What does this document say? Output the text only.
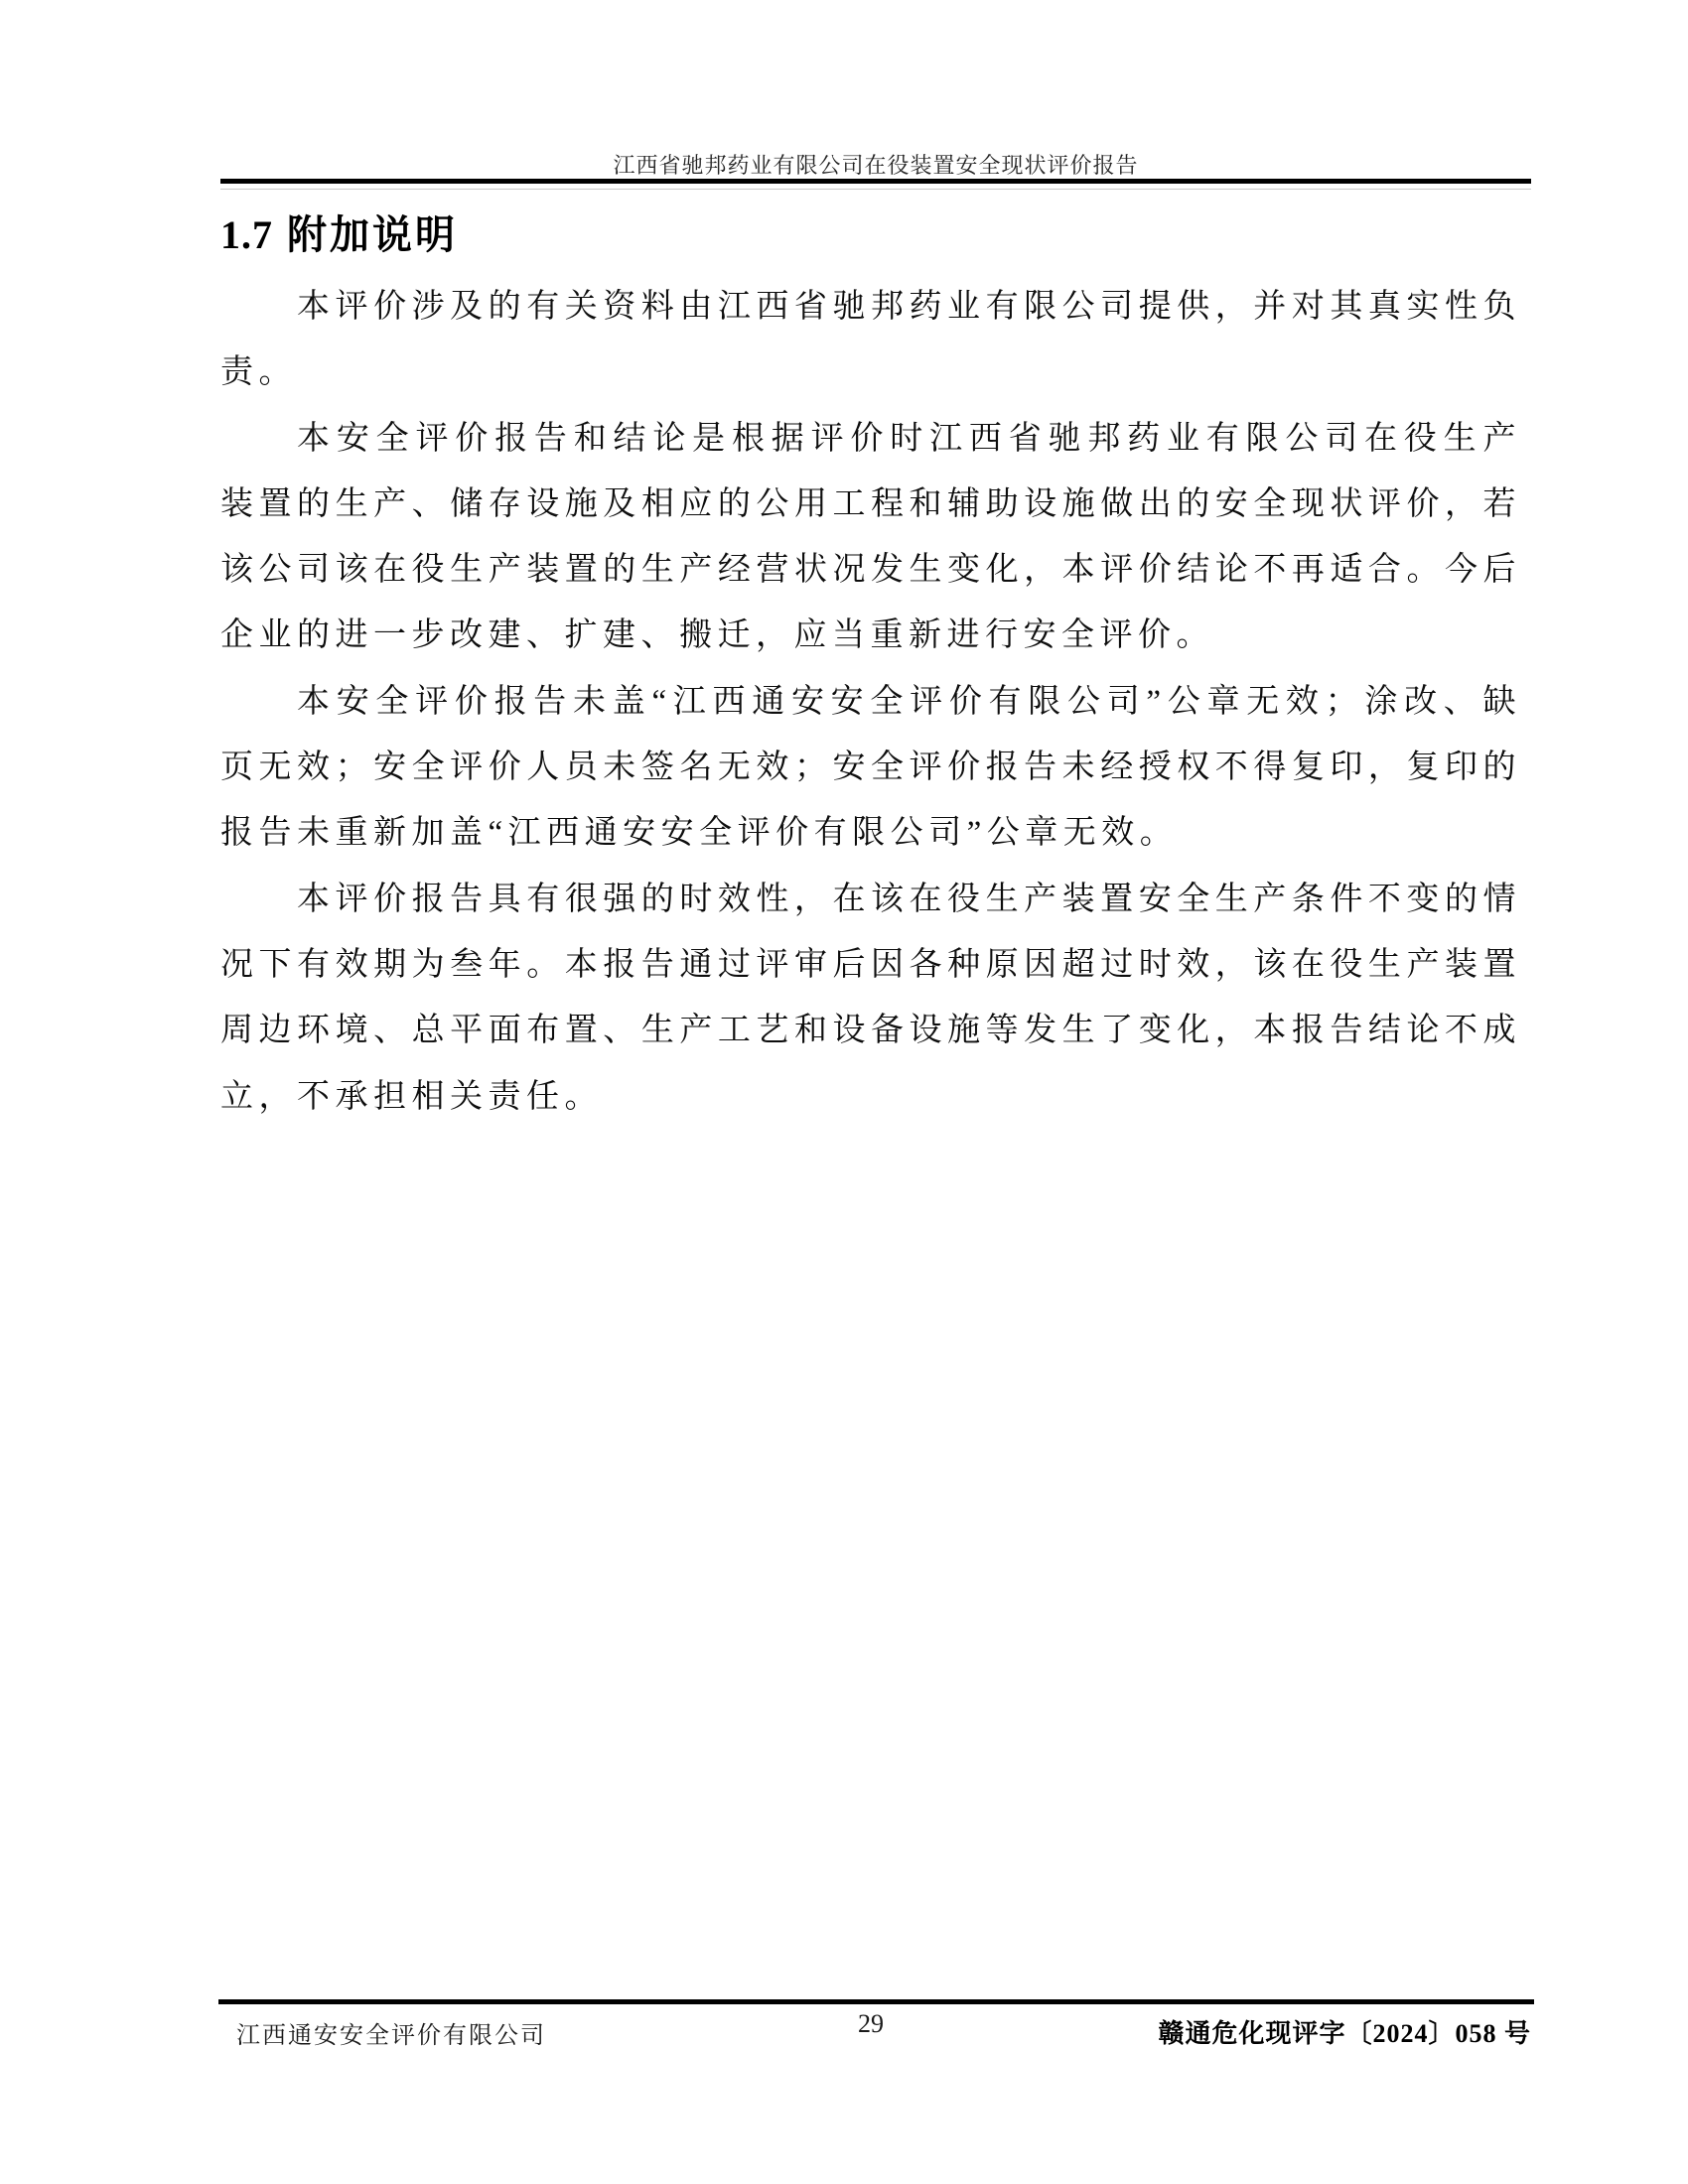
江西省驰邦药业有限公司在役装置安全现状评价报告
1.7 附加说明
本评价涉及的有关资料由江西省驰邦药业有限公司提供，并对其真实性负
责。
本安全评价报告和结论是根据评价时江西省驰邦药业有限公司在役生产
装置的生产、储存设施及相应的公用工程和辅助设施做出的安全现状评价，若
该公司该在役生产装置的生产经营状况发生变化，本评价结论不再适合。今后
企业的进一步改建、扩建、搬迁，应当重新进行安全评价。
本安全评价报告未盖“江西通安安全评价有限公司”公章无效；涂改、缺
页无效；安全评价人员未签名无效；安全评价报告未经授权不得复印，复印的
报告未重新加盖“江西通安安全评价有限公司”公章无效。
本评价报告具有很强的时效性，在该在役生产装置安全生产条件不变的情
况下有效期为叁年。本报告通过评审后因各种原因超过时效，该在役生产装置
周边环境、总平面布置、生产工艺和设备设施等发生了变化，本报告结论不成
立，不承担相关责任。
江西通安安全评价有限公司	29	赣通危化现评字〔2024〕058 号
